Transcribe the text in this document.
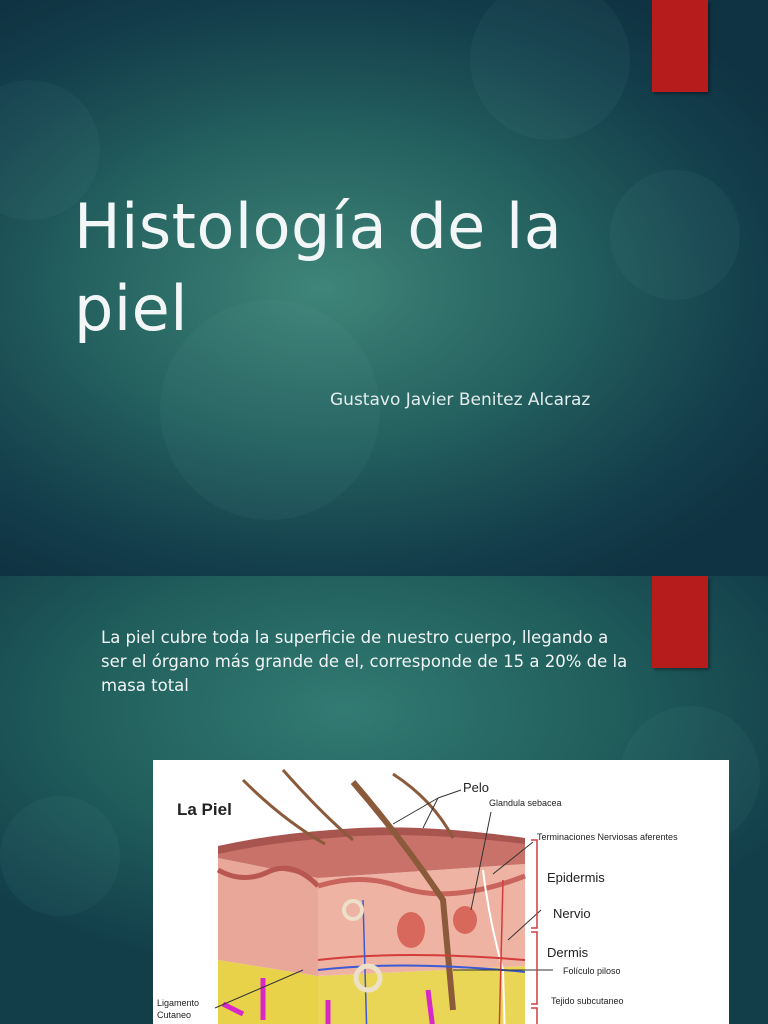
Histología de la
piel
Gustavo Javier Benitez Alcaraz
La piel cubre toda la superficie de nuestro cuerpo, llegando a
ser el órgano más grande de el, corresponde de 15 a 20% de la
masa total
La Piel
Pelo
Glandula sebacea
Terminaciones Nerviosas aferentes
Epidermis
Nervio
Dermis
Folículo piloso
Tejido subcutaneo
Ligamento
Cutaneo
